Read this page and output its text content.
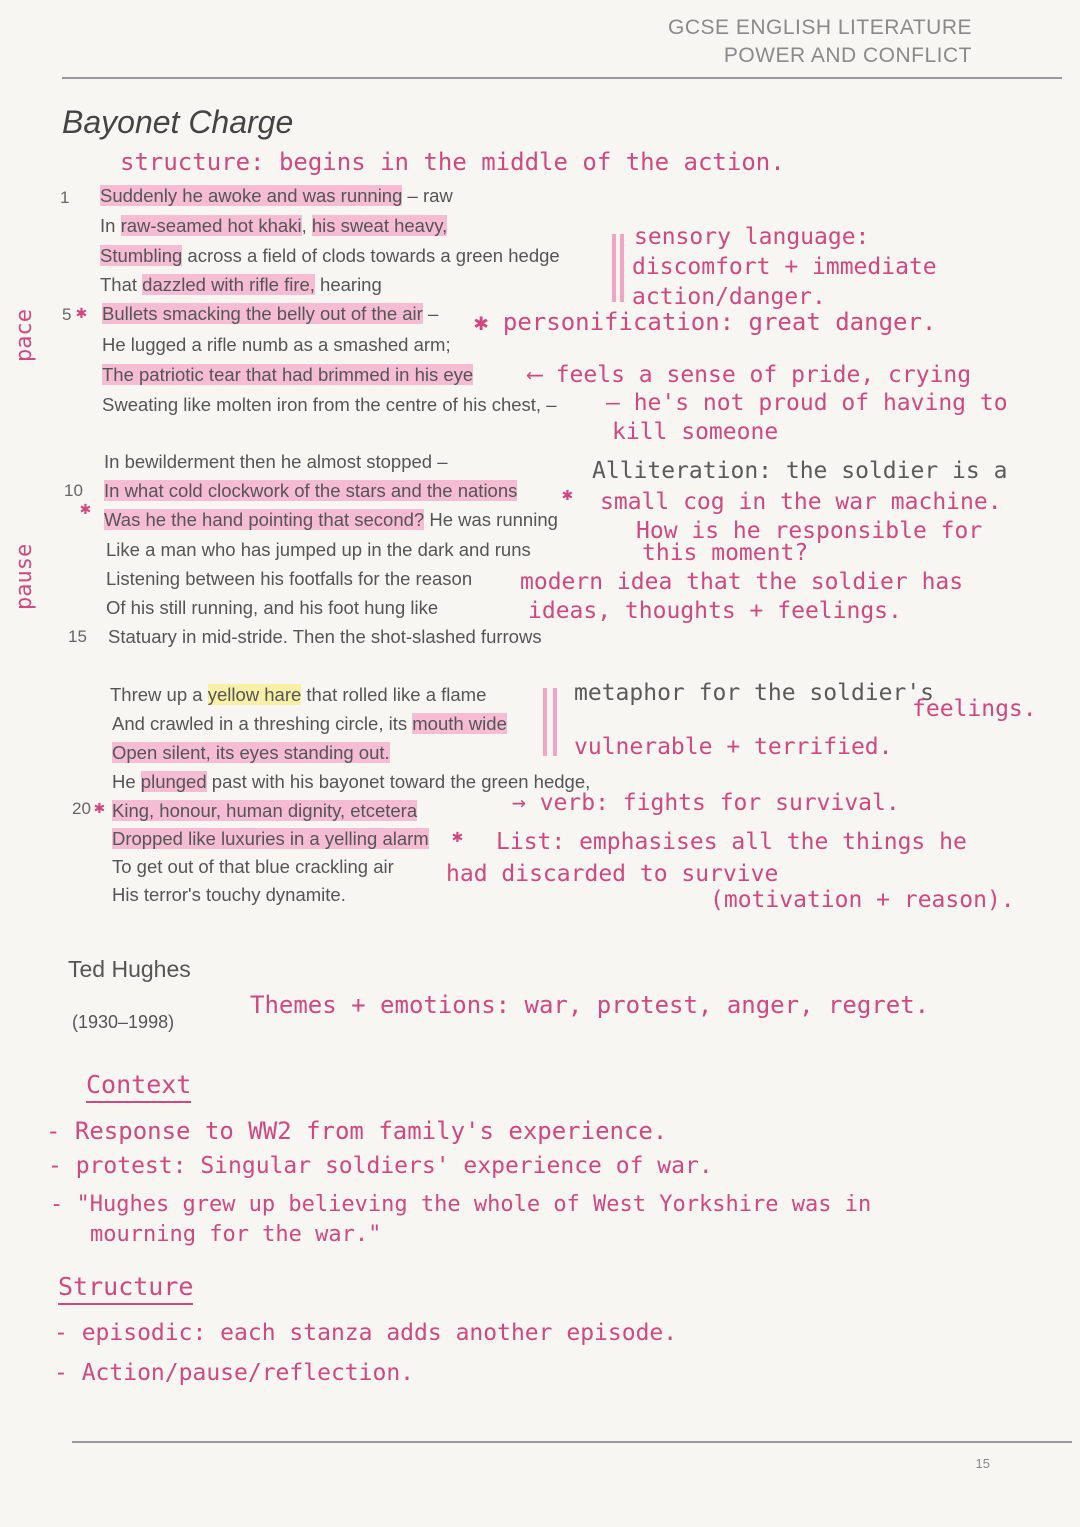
GCSE ENGLISH LITERATURE
POWER AND CONFLICT
Bayonet Charge
structure: begins in the middle of the action.
pace
pause
1
5 ✱
10
✱
15
20 ✱
Suddenly he awoke and was running – raw
In raw-seamed hot khaki, his sweat heavy,
Stumbling across a field of clods towards a green hedge
That dazzled with rifle fire, hearing
Bullets smacking the belly out of the air –
He lugged a rifle numb as a smashed arm;
The patriotic tear that had brimmed in his eye
Sweating like molten iron from the centre of his chest, –
In bewilderment then he almost stopped –
In what cold clockwork of the stars and the nations
Was he the hand pointing that second? He was running
Like a man who has jumped up in the dark and runs
Listening between his footfalls for the reason
Of his still running, and his foot hung like
Statuary in mid-stride. Then the shot-slashed furrows
Threw up a yellow hare that rolled like a flame
And crawled in a threshing circle, its mouth wide
Open silent, its eyes standing out.
He plunged past with his bayonet toward the green hedge,
King, honour, human dignity, etcetera
Dropped like luxuries in a yelling alarm ✱
✱
To get out of that blue crackling air
His terror's touchy dynamite.
sensory language:
discomfort + immediate
action/danger.
✱ personification: great danger.
⟵ feels a sense of pride, crying
– he's not proud of having to
kill someone
Alliteration: the soldier is a
small cog in the war machine.
How is he responsible for
this moment?
modern idea that the soldier has
ideas, thoughts + feelings.
metaphor for the soldier's
feelings.
vulnerable + terrified.
→ verb: fights for survival.
List: emphasises all the things he
had discarded to survive
(motivation + reason).
Ted Hughes
(1930–1998)
Themes + emotions: war, protest, anger, regret.
Context
- Response to WW2 from family's experience.
- protest: Singular soldiers' experience of war.
- "Hughes grew up believing the whole of West Yorkshire was in
mourning for the war."
Structure
- episodic: each stanza adds another episode.
- Action/pause/reflection.
15
